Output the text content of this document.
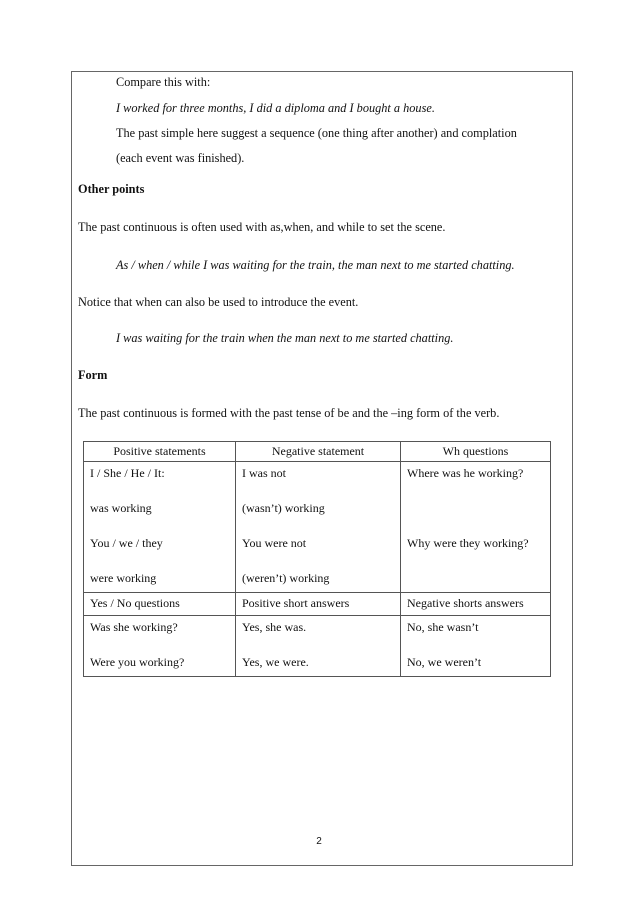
Compare this with:
I worked for three months, I did a diploma and I bought a house.
The past simple here suggest a sequence (one thing after another) and complation
(each event was finished).
Other points
The past continuous is often used with as,when, and while to set the scene.
As / when / while I was waiting for the train, the man next to me started chatting.
Notice that when can also be used to introduce the event.
I was waiting for the train when the man next to me started chatting.
Form
The past continuous is formed with the past tense of be and the –ing form of the verb.
Positive statements	Negative statement	Wh questions

I / She / He / It:
was working
You / we / they
were working	I was not
(wasn’t) working
You were not
(weren’t) working	Where was he working?
Why were they working?

Yes / No questions	Positive short answers	Negative shorts answers

Was she working?
Were you working?	Yes, she was.
Yes, we were.	No, she wasn’t
No, we weren’t
2
